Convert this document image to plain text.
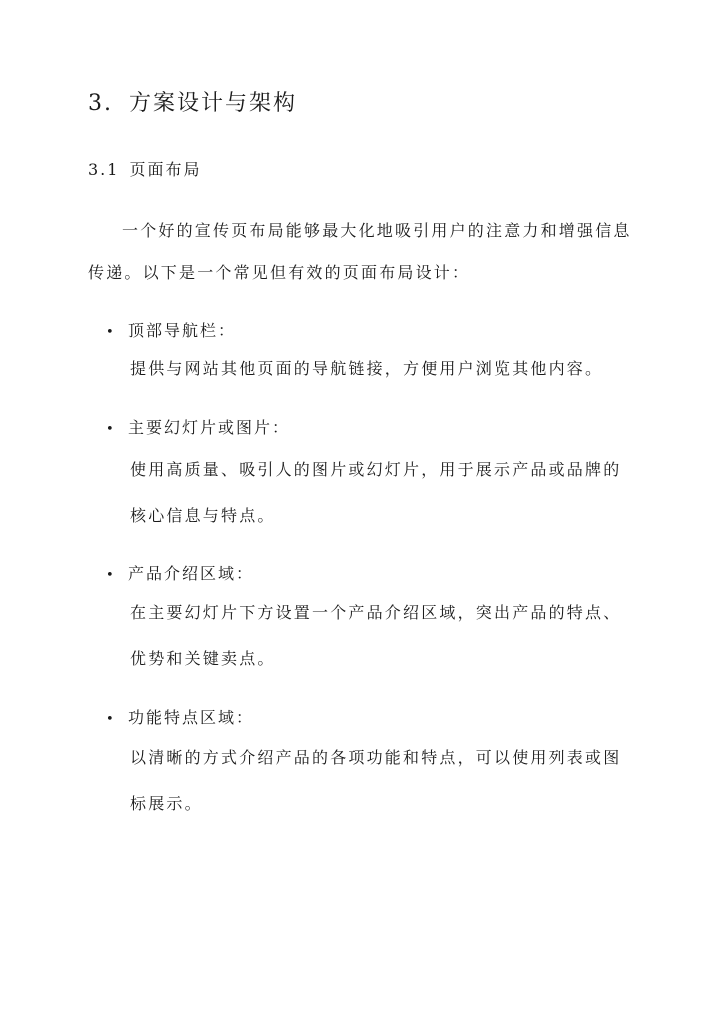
3. 方案设计与架构
3.1 页面布局

一个好的宣传页布局能够最大化地吸引用户的注意力和增强信息传递。以下是一个常见但有效的页面布局设计：

• 顶部导航栏：

提供与网站其他页面的导航链接，方便用户浏览其他内容。

• 主要幻灯片或图片：

使用高质量、吸引人的图片或幻灯片，用于展示产品或品牌的核心信息与特点。

• 产品介绍区域：

在主要幻灯片下方设置一个产品介绍区域，突出产品的特点、优势和关键卖点。

• 功能特点区域：

以清晰的方式介绍产品的各项功能和特点，可以使用列表或图标展示。
